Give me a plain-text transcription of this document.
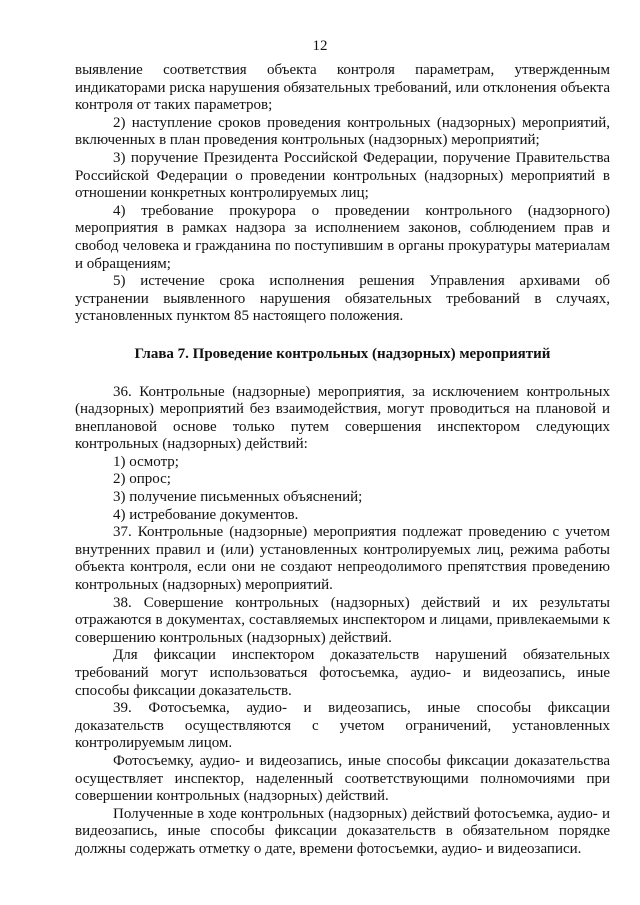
12

выявление соответствия объекта контроля параметрам, утвержденным индикаторами риска нарушения обязательных требований, или отклонения объекта контроля от таких параметров;

2) наступление сроков проведения контрольных (надзорных) мероприятий, включенных в план проведения контрольных (надзорных) мероприятий;

3) поручение Президента Российской Федерации, поручение Правительства Российской Федерации о проведении контрольных (надзорных) мероприятий в отношении конкретных контролируемых лиц;

4) требование прокурора о проведении контрольного (надзорного) мероприятия в рамках надзора за исполнением законов, соблюдением прав и свобод человека и гражданина по поступившим в органы прокуратуры материалам и обращениям;

5) истечение срока исполнения решения Управления архивами об устранении выявленного нарушения обязательных требований в случаях, установленных пунктом 85 настоящего положения.

Глава 7. Проведение контрольных (надзорных) мероприятий

36. Контрольные (надзорные) мероприятия, за исключением контрольных (надзорных) мероприятий без взаимодействия, могут проводиться на плановой и внеплановой основе только путем совершения инспектором следующих контрольных (надзорных) действий:

1) осмотр;

2) опрос;

3) получение письменных объяснений;

4) истребование документов.

37. Контрольные (надзорные) мероприятия подлежат проведению с учетом внутренних правил и (или) установленных контролируемых лиц, режима работы объекта контроля, если они не создают непреодолимого препятствия проведению контрольных (надзорных) мероприятий.

38. Совершение контрольных (надзорных) действий и их результаты отражаются в документах, составляемых инспектором и лицами, привлекаемыми к совершению контрольных (надзорных) действий.

Для фиксации инспектором доказательств нарушений обязательных требований могут использоваться фотосъемка, аудио- и видеозапись, иные способы фиксации доказательств.

39. Фотосъемка, аудио- и видеозапись, иные способы фиксации доказательств осуществляются с учетом ограничений, установленных контролируемым лицом.

Фотосъемку, аудио- и видеозапись, иные способы фиксации доказательства осуществляет инспектор, наделенный соответствующими полномочиями при совершении контрольных (надзорных) действий.

Полученные в ходе контрольных (надзорных) действий фотосъемка, аудио- и видеозапись, иные способы фиксации доказательств в обязательном порядке должны содержать отметку о дате, времени фотосъемки, аудио- и видеозаписи.
